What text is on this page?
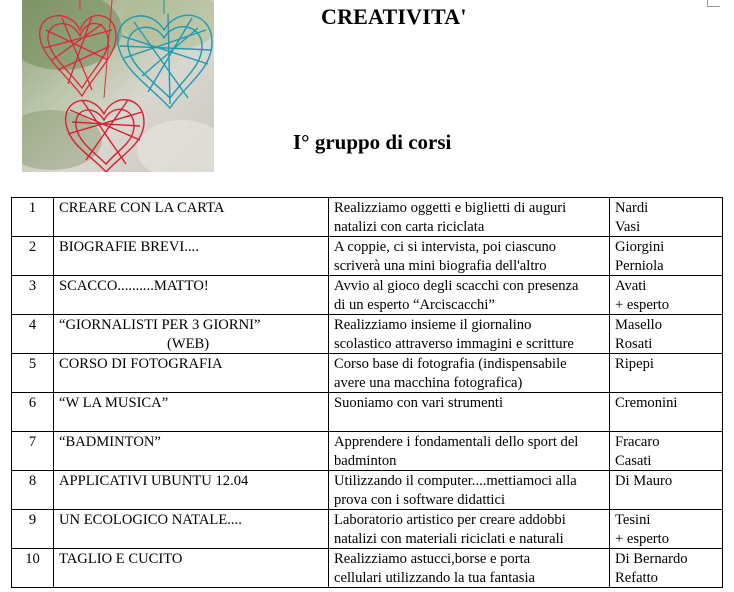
CREATIVITA'
I° gruppo di corsi
1	CREARE CON LA CARTA	Realizziamo oggetti e biglietti di auguri
natalizi con carta riciclata	Nardi
Vasi

2	BIOGRAFIE BREVI....	A coppie, ci si intervista, poi ciascuno
scriverà una mini biografia dell'altro	Giorgini
Perniola

3	SCACCO..........MATTO!	Avvio al gioco degli scacchi con presenza
di un esperto “Arciscacchi”	Avati
+ esperto

4	“GIORNALISTI PER 3 GIORNI”
(WEB)	Realizziamo insieme il giornalino
scolastico attraverso immagini e scritture	Masello
Rosati

5	CORSO DI FOTOGRAFIA	Corso base di fotografia (indispensabile
avere una macchina fotografica)	Ripepi

6	“W LA MUSICA”	Suoniamo con vari strumenti	Cremonini

7	“BADMINTON”	Apprendere i fondamentali dello sport del
badminton	Fracaro
Casati

8	APPLICATIVI UBUNTU 12.04	Utilizzando il computer....mettiamoci alla
prova con i software didattici	Di Mauro

9	UN ECOLOGICO NATALE....	Laboratorio artistico per creare addobbi
natalizi con materiali riciclati e naturali	Tesini
+ esperto

10	TAGLIO E CUCITO	Realizziamo astucci,borse e porta
cellulari utilizzando la tua fantasia	Di Bernardo
Refatto
